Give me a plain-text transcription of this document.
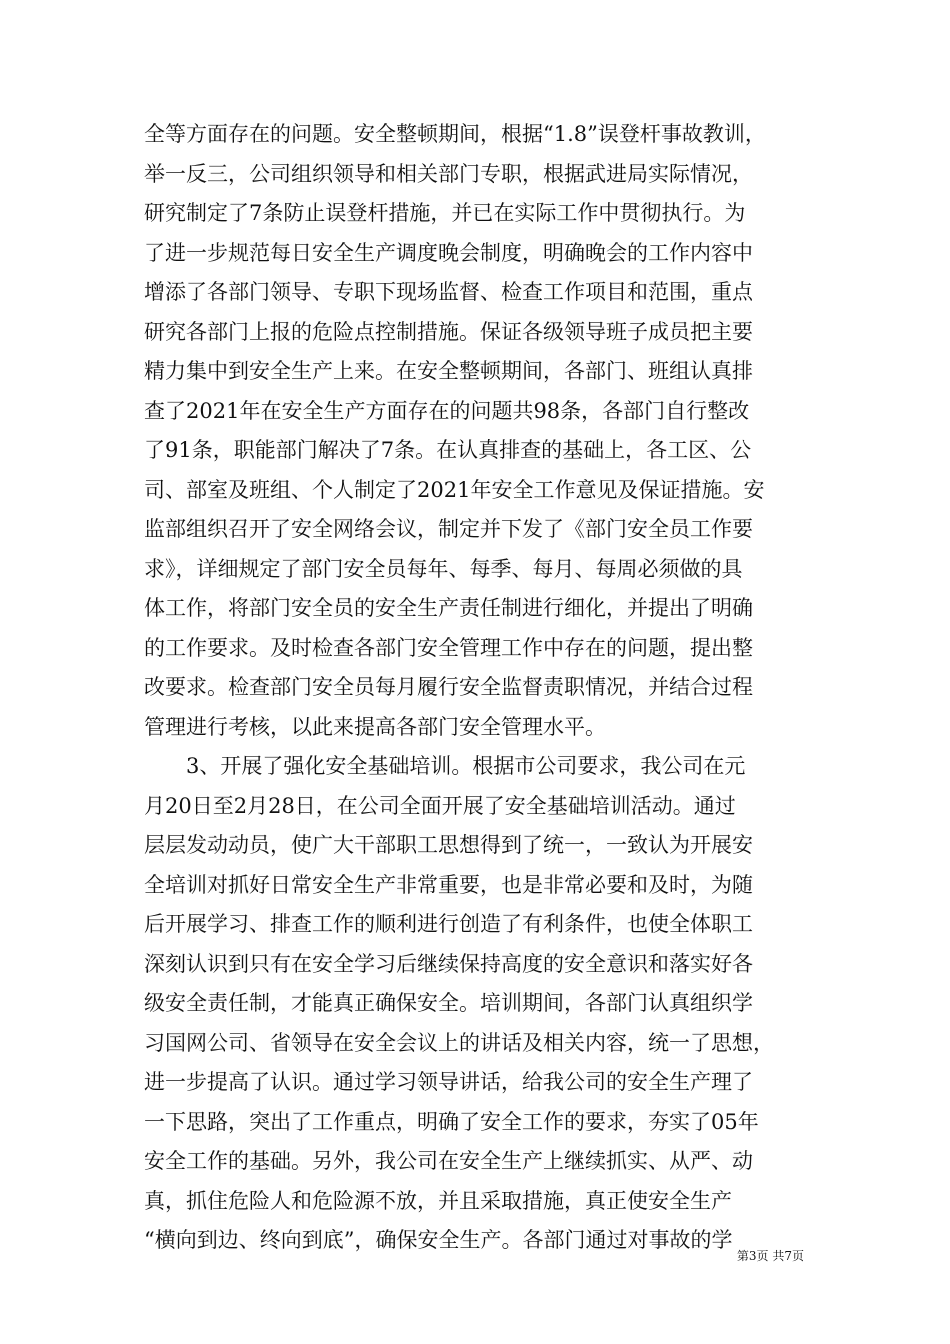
全等方面存在的问题。安全整顿期间，根据“1.8”误登杆事故教训，
举一反三，公司组织领导和相关部门专职，根据武进局实际情况，
研究制定了7条防止误登杆措施，并已在实际工作中贯彻执行。为
了进一步规范每日安全生产调度晚会制度，明确晚会的工作内容中
增添了各部门领导、专职下现场监督、检查工作项目和范围，重点
研究各部门上报的危险点控制措施。保证各级领导班子成员把主要
精力集中到安全生产上来。在安全整顿期间，各部门、班组认真排
查了2021年在安全生产方面存在的问题共98条，各部门自行整改
了91条，职能部门解决了7条。在认真排查的基础上，各工区、公
司、部室及班组、个人制定了2021年安全工作意见及保证措施。安
监部组织召开了安全网络会议，制定并下发了《部门安全员工作要
求》，详细规定了部门安全员每年、每季、每月、每周必须做的具
体工作，将部门安全员的安全生产责任制进行细化，并提出了明确
的工作要求。及时检查各部门安全管理工作中存在的问题，提出整
改要求。检查部门安全员每月履行安全监督责职情况，并结合过程
管理进行考核，以此来提高各部门安全管理水平。
　　3、开展了强化安全基础培训。根据市公司要求，我公司在元
月20日至2月28日，在公司全面开展了安全基础培训活动。通过
层层发动动员，使广大干部职工思想得到了统一，一致认为开展安
全培训对抓好日常安全生产非常重要，也是非常必要和及时，为随
后开展学习、排查工作的顺利进行创造了有利条件，也使全体职工
深刻认识到只有在安全学习后继续保持高度的安全意识和落实好各
级安全责任制，才能真正确保安全。培训期间，各部门认真组织学
习国网公司、省领导在安全会议上的讲话及相关内容，统一了思想，
进一步提高了认识。通过学习领导讲话，给我公司的安全生产理了
一下思路，突出了工作重点，明确了安全工作的要求，夯实了05年
安全工作的基础。另外，我公司在安全生产上继续抓实、从严、动
真，抓住危险人和危险源不放，并且采取措施，真正使安全生产
“横向到边、终向到底”，确保安全生产。各部门通过对事故的学
第3页 共7页
